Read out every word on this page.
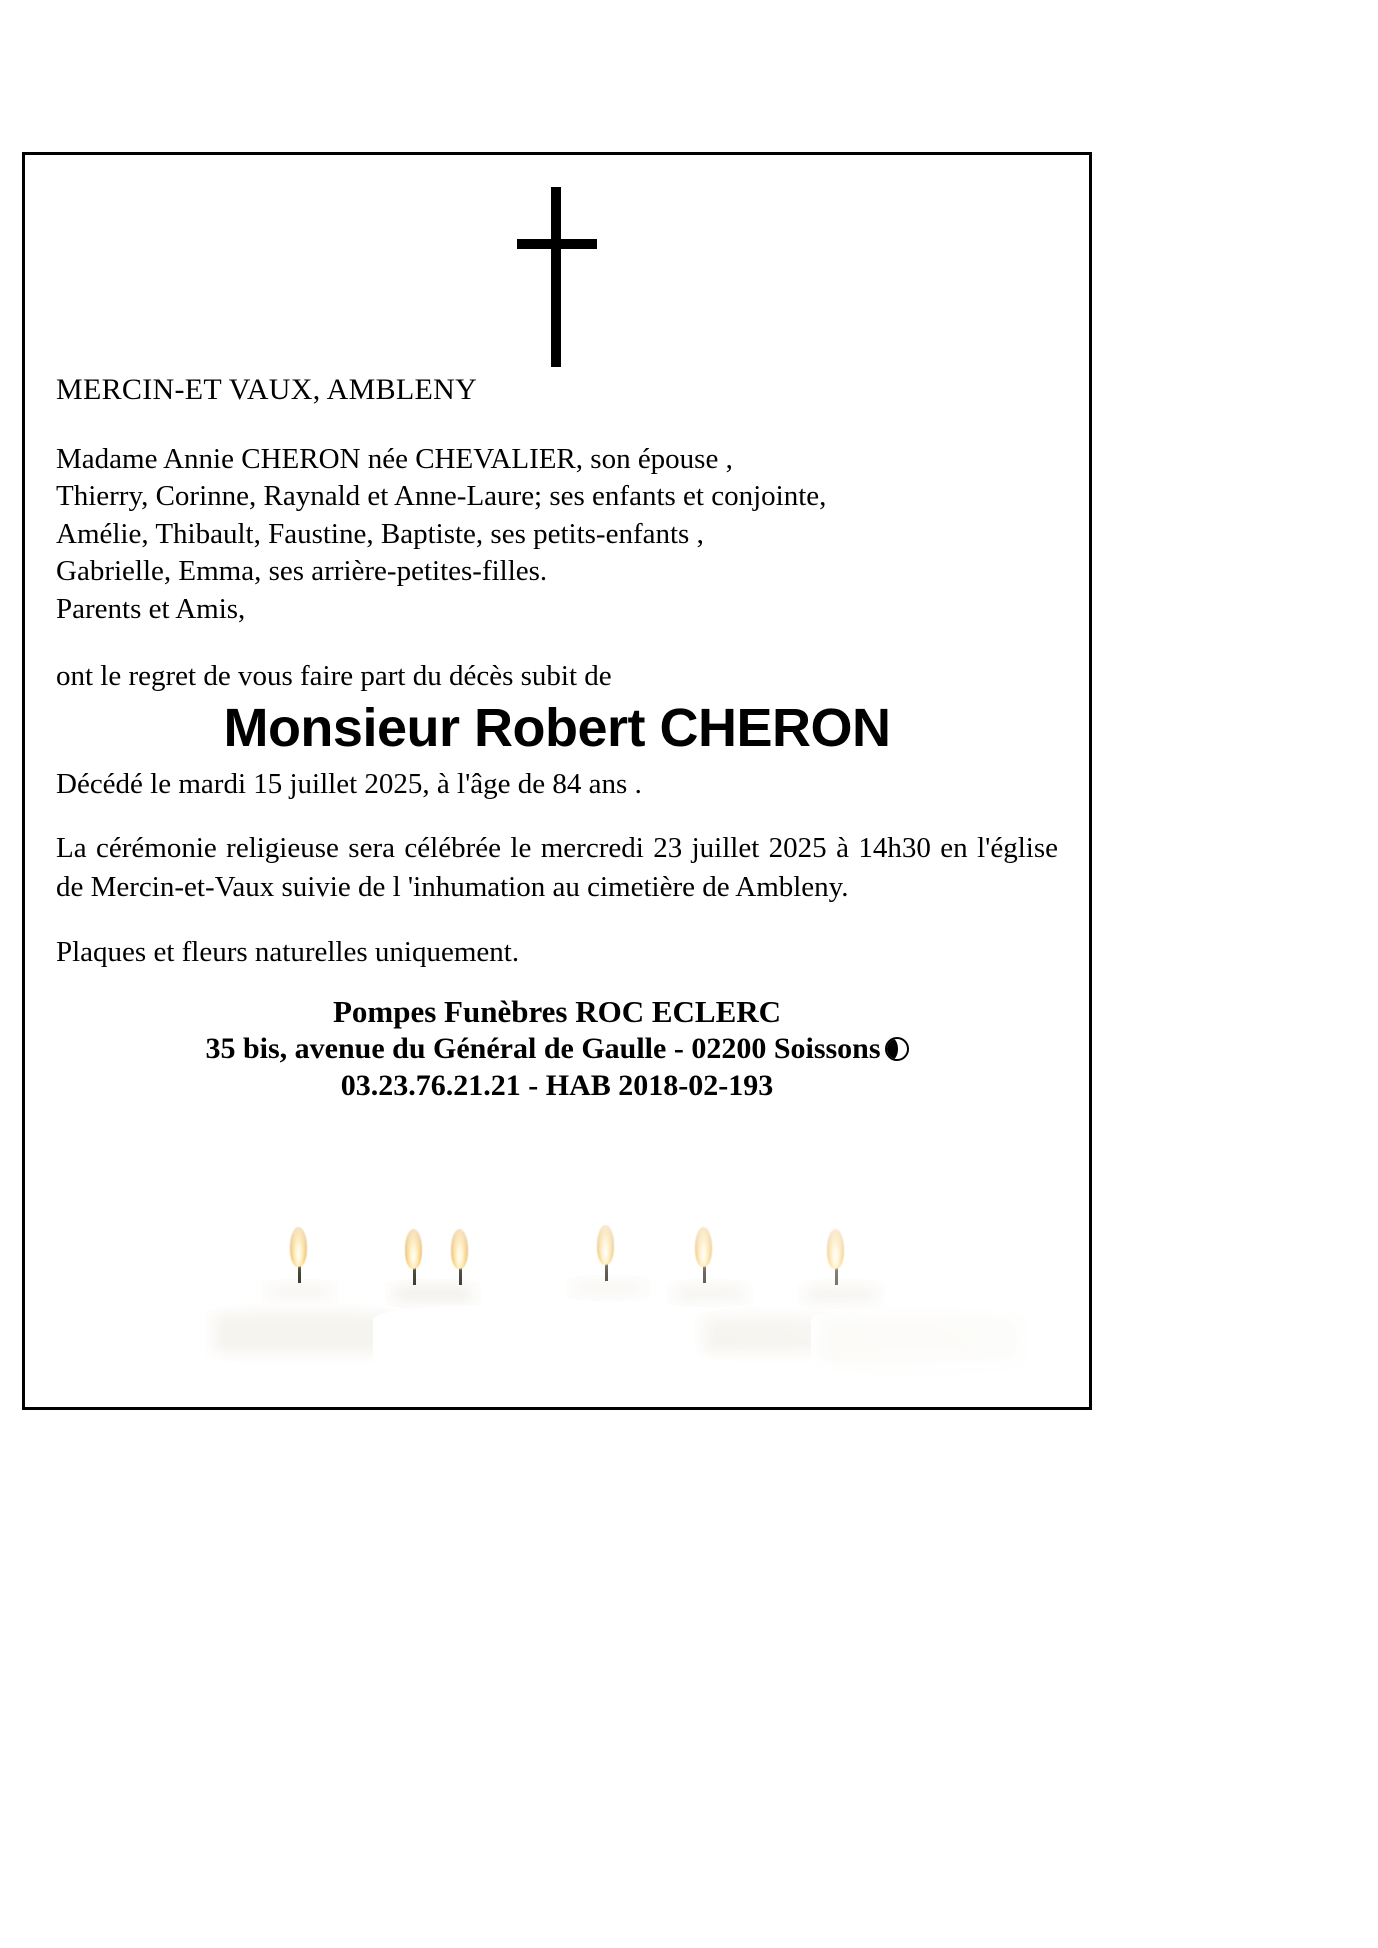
MERCIN-ET VAUX, AMBLENY

Madame Annie CHERON née CHEVALIER, son épouse ,
Thierry, Corinne, Raynald et Anne-Laure; ses enfants et conjointe,
Amélie, Thibault, Faustine, Baptiste, ses petits-enfants ,
Gabrielle, Emma, ses arrière-petites-filles.
Parents et Amis,

ont le regret de vous faire part du décès subit de

Monsieur Robert CHERON

Décédé le mardi 15 juillet 2025, à l'âge de 84 ans .

La cérémonie religieuse sera célébrée le mercredi 23 juillet 2025 à 14h30 en l'église de Mercin-et-Vaux suivie de l 'inhumation au cimetière de Ambleny.

Plaques et fleurs naturelles uniquement.

Pompes Funèbres ROC ECLERC
35 bis, avenue du Général de Gaulle - 02200 Soissons
03.23.76.21.21 - HAB 2018-02-193
